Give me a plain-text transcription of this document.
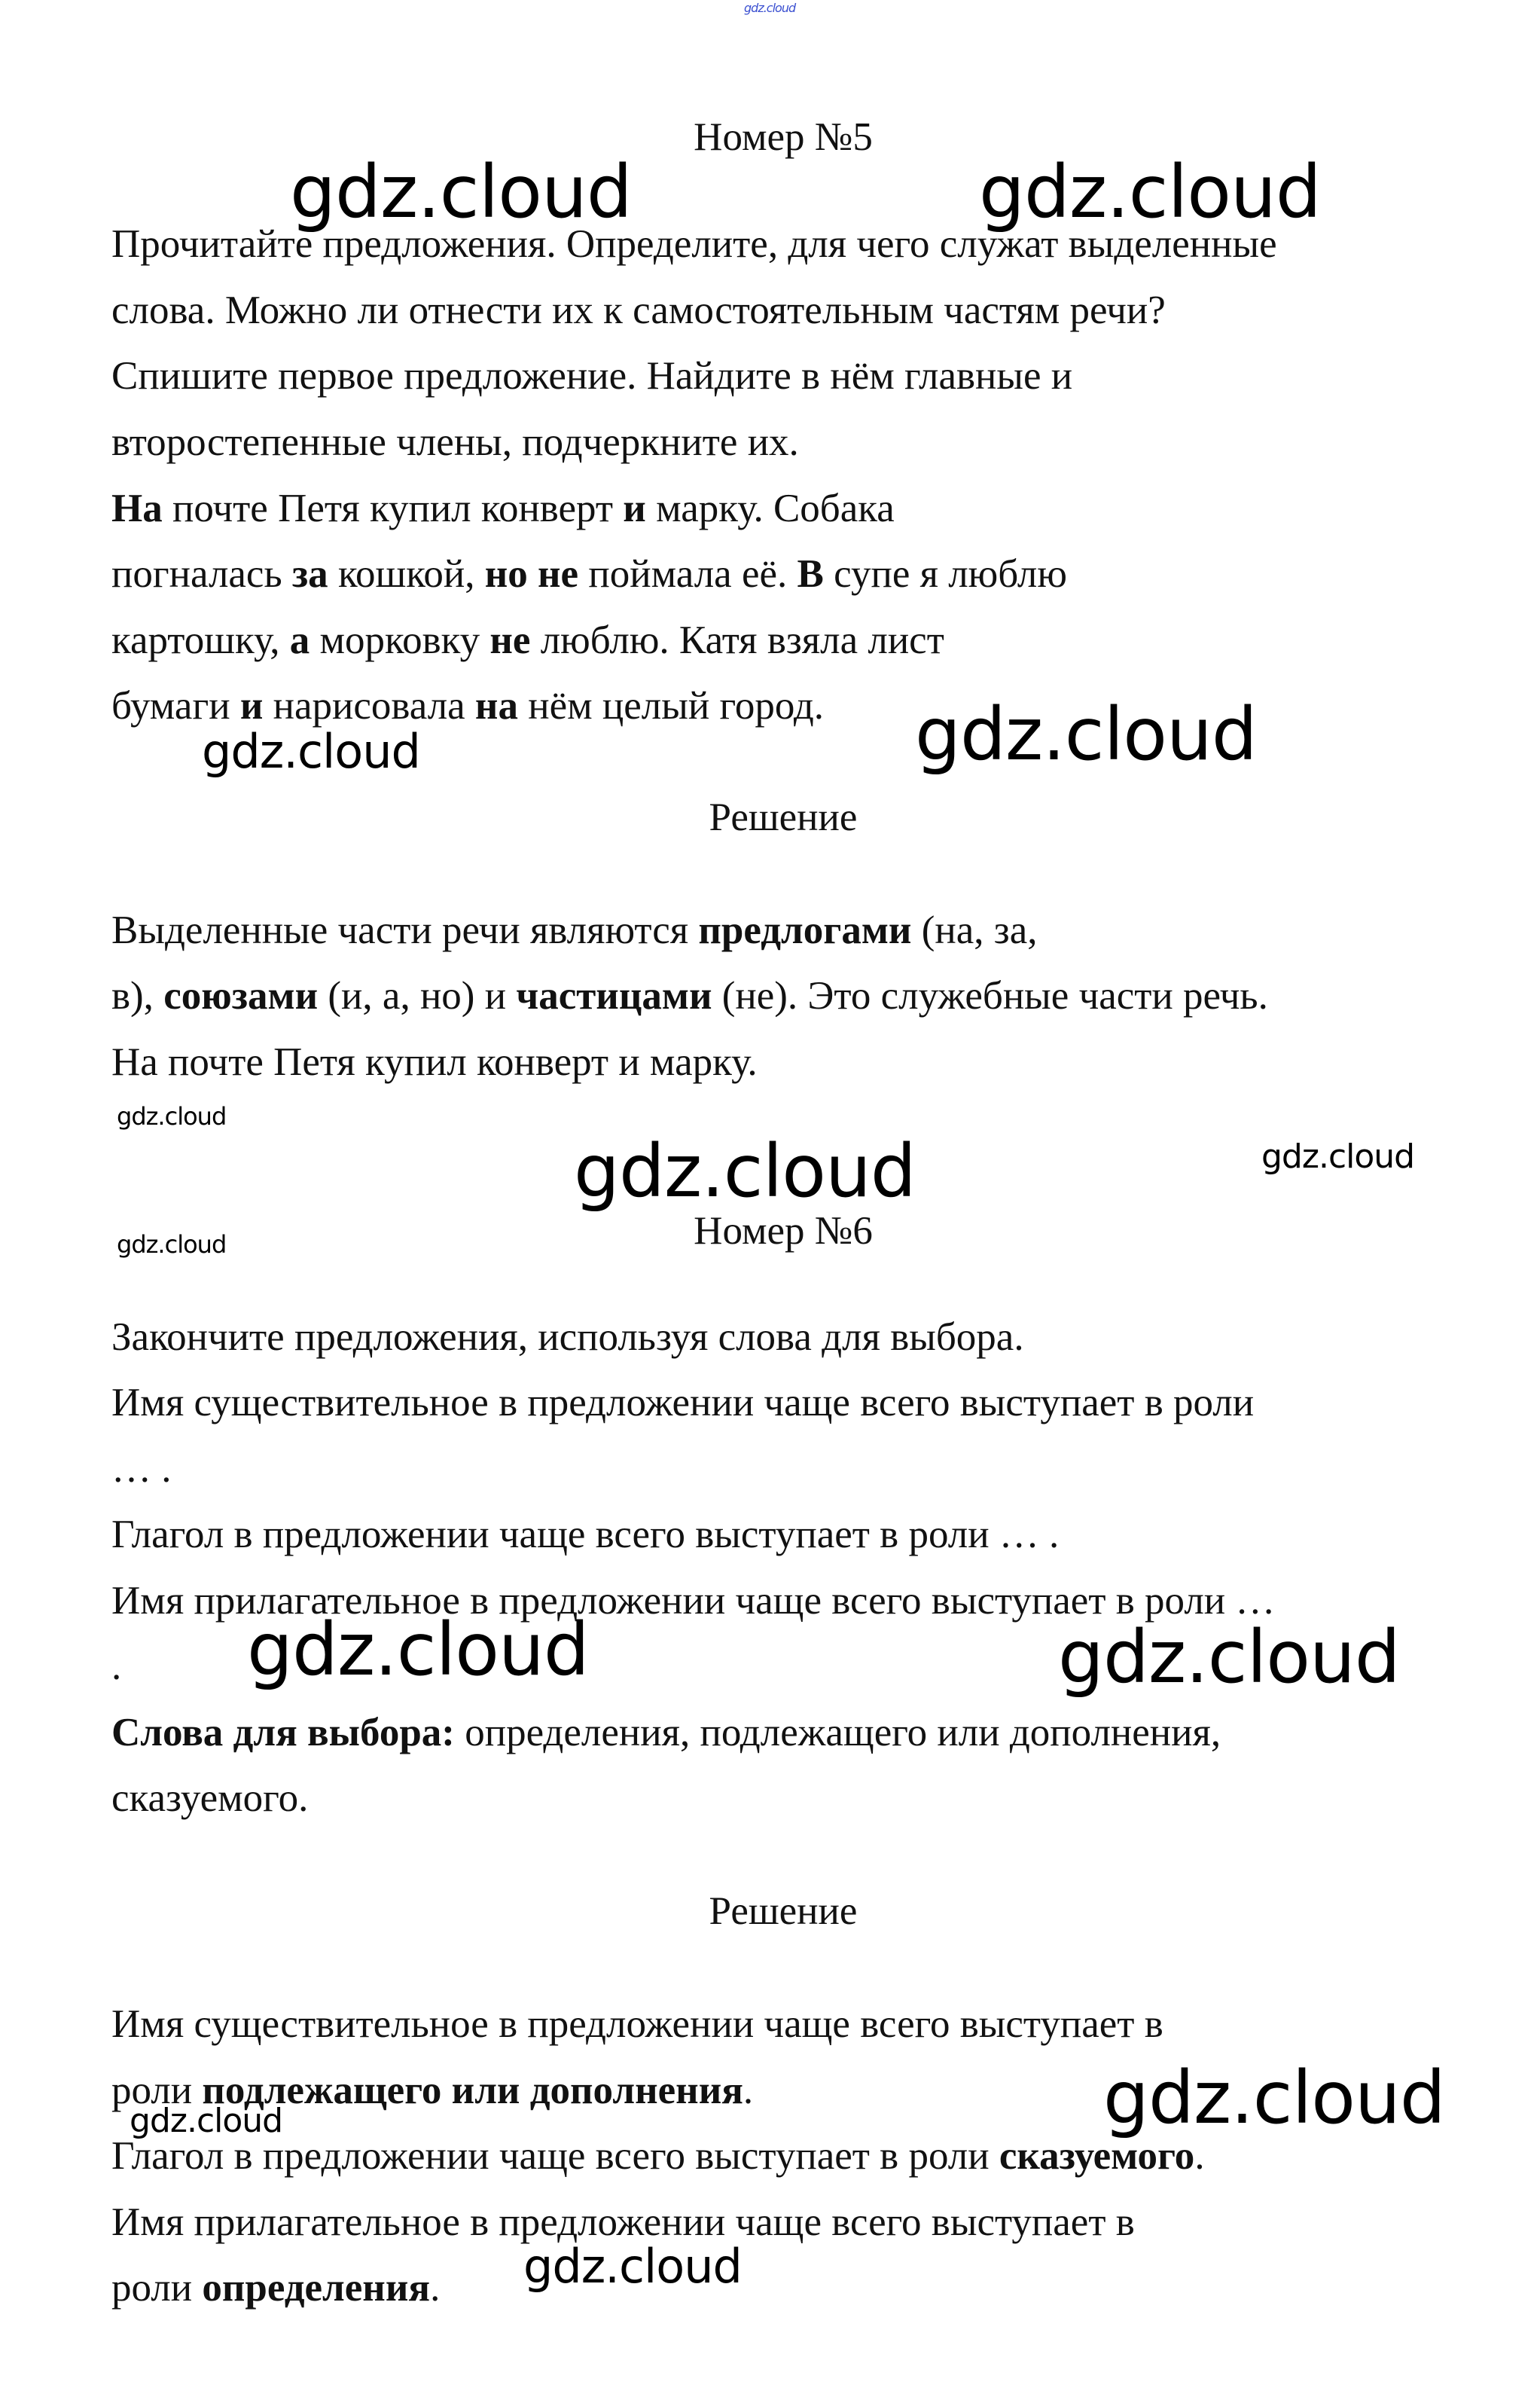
gdz.cloud
Номер №5
Прочитайте предложения. Определите, для чего служат выделенные
слова. Можно ли отнести их к самостоятельным частям речи?
Спишите первое предложение. Найдите в нём главные и
второстепенные члены, подчеркните их.
На почте Петя купил конверт и марку. Собака
погналась за кошкой, но не поймала её. В супе я люблю
картошку, а морковку не люблю. Катя взяла лист
бумаги и нарисовала на нём целый город.
Решение
Выделенные части речи являются предлогами (на, за,
в), союзами (и, а, но) и частицами (не). Это служебные части речь.
На почте Петя купил конверт и марку.
Номер №6
Закончите предложения, используя слова для выбора.
Имя существительное в предложении чаще всего выступает в роли
… .
Глагол в предложении чаще всего выступает в роли … .
Имя прилагательное в предложении чаще всего выступает в роли …
.
Слова для выбора: определения, подлежащего или дополнения,
сказуемого.
Решение
Имя существительное в предложении чаще всего выступает в
роли подлежащего или дополнения.
Глагол в предложении чаще всего выступает в роли сказуемого.
Имя прилагательное в предложении чаще всего выступает в
роли определения.
gdz.cloud	gdz.cloud
gdz.cloud	gdz.cloud
gdz.cloud
gdz.cloud	gdz.cloud
gdz.cloud
gdz.cloud	gdz.cloud
gdz.cloud
gdz.cloud
gdz.cloud
